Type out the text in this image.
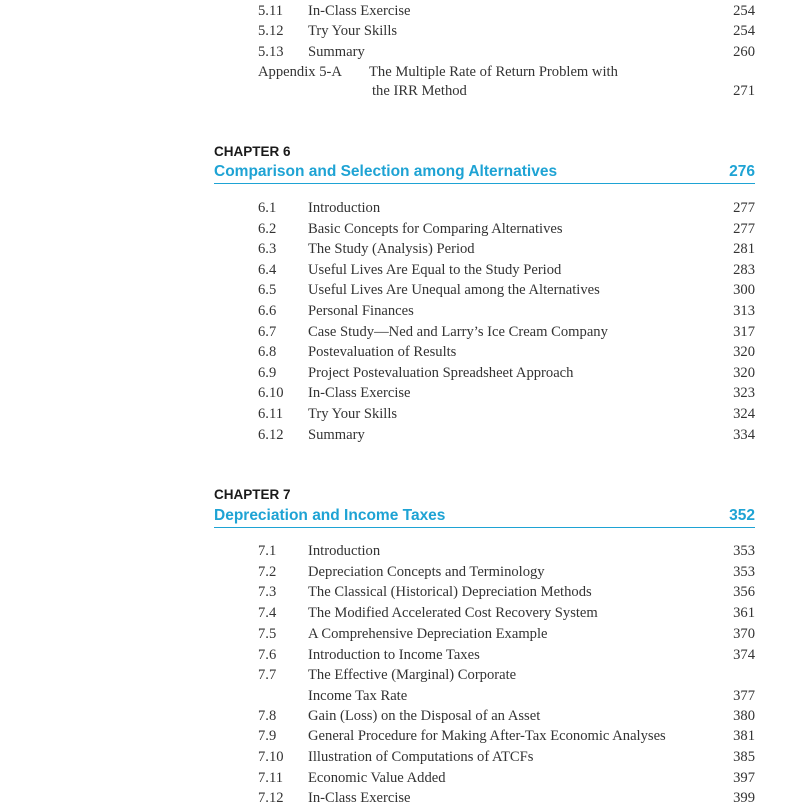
5.11 In-Class Exercise	254
5.12 Try Your Skills	254
5.13 Summary	260
Appendix 5-A The Multiple Rate of Return Problem with
the IRR Method	271
CHAPTER 6
Comparison and Selection among Alternatives	276
6.1 Introduction	277
6.2 Basic Concepts for Comparing Alternatives	277
6.3 The Study (Analysis) Period	281
6.4 Useful Lives Are Equal to the Study Period	283
6.5 Useful Lives Are Unequal among the Alternatives	300
6.6 Personal Finances	313
6.7 Case Study—Ned and Larry’s Ice Cream Company	317
6.8 Postevaluation of Results	320
6.9 Project Postevaluation Spreadsheet Approach	320
6.10 In-Class Exercise	323
6.11 Try Your Skills	324
6.12 Summary	334
CHAPTER 7
Depreciation and Income Taxes	352
7.1 Introduction	353
7.2 Depreciation Concepts and Terminology	353
7.3 The Classical (Historical) Depreciation Methods	356
7.4 The Modified Accelerated Cost Recovery System	361
7.5 A Comprehensive Depreciation Example	370
7.6 Introduction to Income Taxes	374
7.7 The Effective (Marginal) Corporate
Income Tax Rate	377
7.8 Gain (Loss) on the Disposal of an Asset	380
7.9 General Procedure for Making After-Tax Economic Analyses	381
7.10 Illustration of Computations of ATCFs	385
7.11 Economic Value Added	397
7.12 In-Class Exercise	399
